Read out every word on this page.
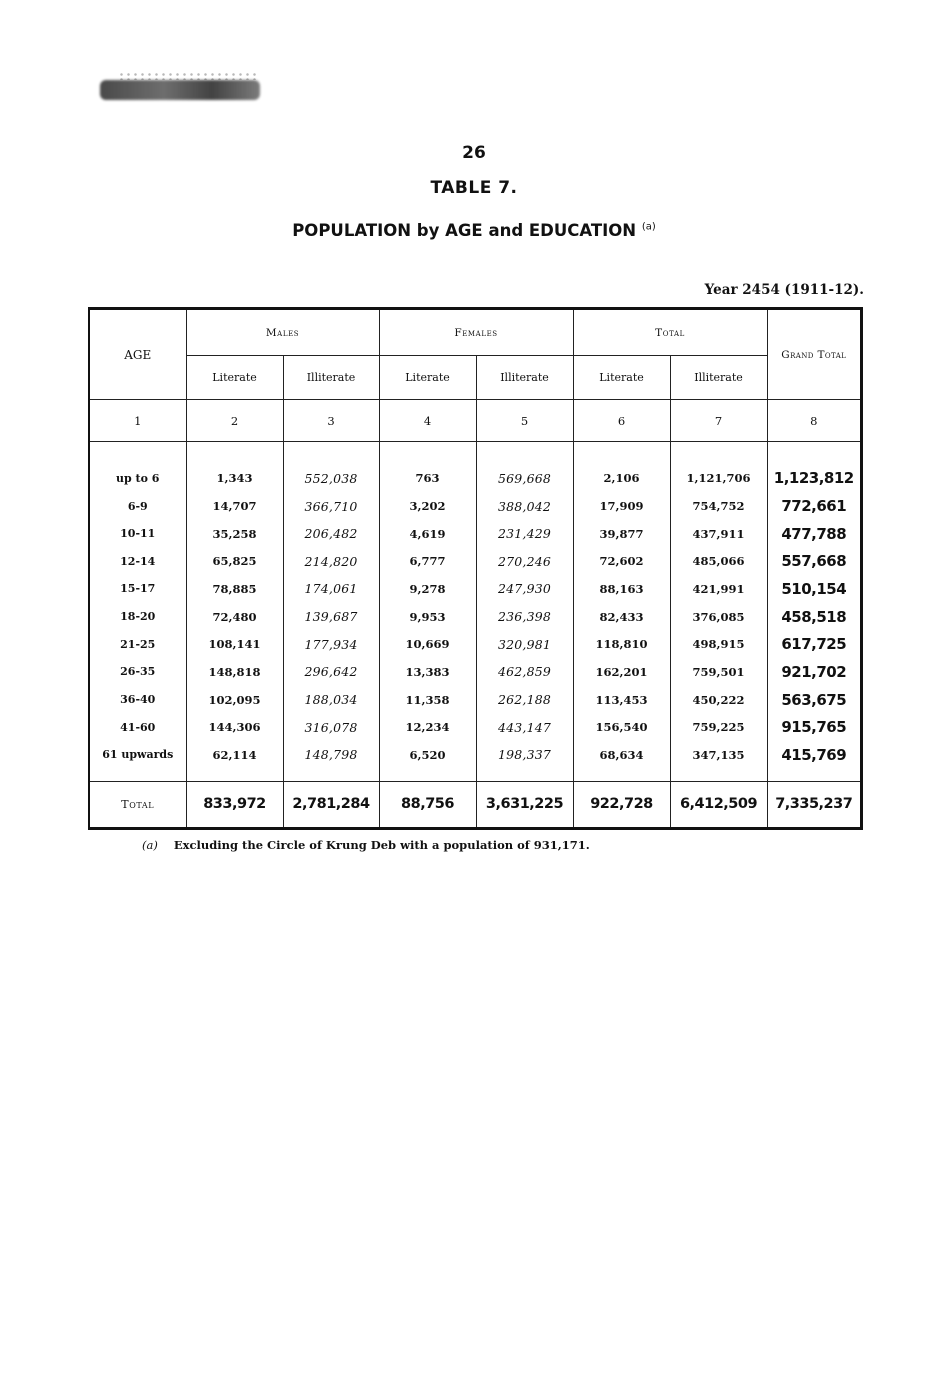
26
TABLE 7.
POPULATION by AGE and EDUCATION $^{(a)}$
Year 2454 (1911-12).
AGE	Males		Females		Total		Grand Total
	Literate	Illiterate	Literate	Illiterate	Literate	Illiterate	
1	2	3	4	5	6	7	8

up to 6	1,343	552,038	763	569,668	2,106	1,121,706	1,123,812
6-9	14,707	366,710	3,202	388,042	17,909	754,752	772,661
10-11	35,258	206,482	4,619	231,429	39,877	437,911	477,788
12-14	65,825	214,820	6,777	270,246	72,602	485,066	557,668
15-17	78,885	174,061	9,278	247,930	88,163	421,991	510,154
18-20	72,480	139,687	9,953	236,398	82,433	376,085	458,518
21-25	108,141	177,934	10,669	320,981	118,810	498,915	617,725
26-35	148,818	296,642	13,383	462,859	162,201	759,501	921,702
36-40	102,095	188,034	11,358	262,188	113,453	450,222	563,675
41-60	144,306	316,078	12,234	443,147	156,540	759,225	915,765
61 upwards	62,114	148,798	6,520	198,337	68,634	347,135	415,769

Total	833,972	2,781,284	88,756	3,631,225	922,728	6,412,509	7,335,237
(a) Excluding the Circle of Krung Deb with a population of 931,171.
